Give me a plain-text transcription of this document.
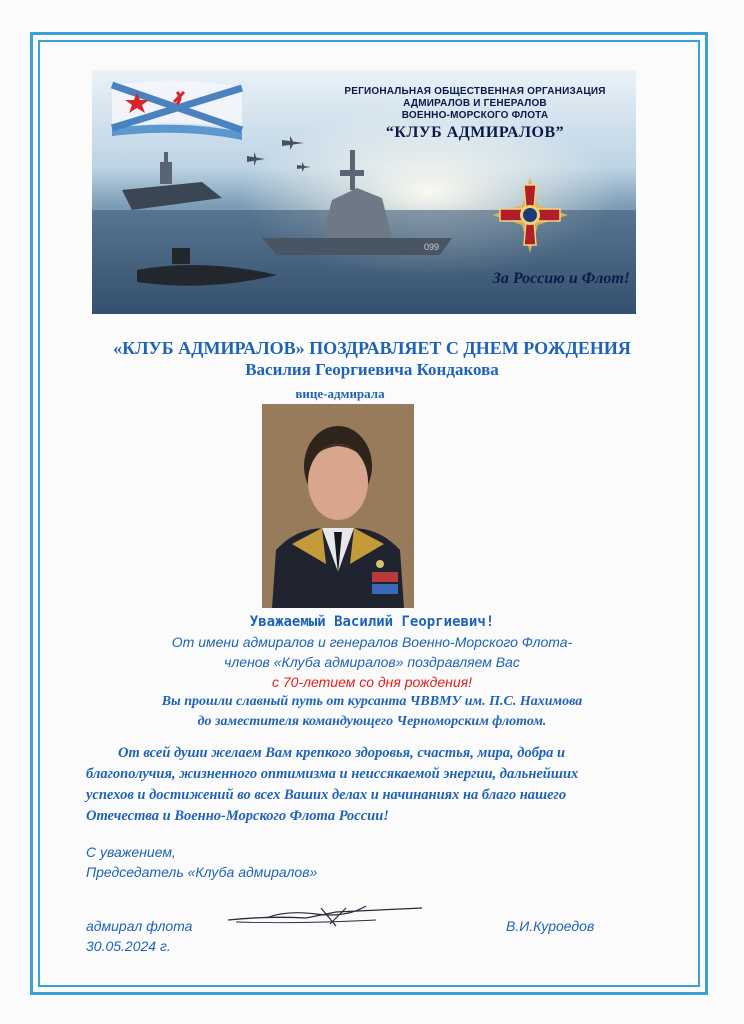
099
РЕГИОНАЛЬНАЯ ОБЩЕСТВЕННАЯ ОРГАНИЗАЦИЯ
АДМИРАЛОВ И ГЕНЕРАЛОВ
ВОЕННО-МОРСКОГО ФЛОТА
“КЛУБ АДМИРАЛОВ”
За Россию и Флот!
«КЛУБ АДМИРАЛОВ» ПОЗДРАВЛЯЕТ С ДНЕМ РОЖДЕНИЯ
Василия Георгиевича Кондакова
вице-адмирала
Уважаемый Василий Георгиевич!
От имени адмиралов и генералов Военно-Морского Флота-
членов «Клуба адмиралов» поздравляем Вас
с 70-летием со дня рождения!
Вы прошли славный путь от курсанта ЧВВМУ им. П.С. Нахимова
до заместителя командующего Черноморским флотом.

От всей души желаем Вам крепкого здоровья, счастья, мира, добра и

благополучия, жизненного оптимизма и неиссякаемой энергии, дальнейших

успехов и достижений во всех Ваших делах и начинаниях на благо нашего

Отечества и Военно-Морского Флота России!

С уважением,
Председатель «Клуба адмиралов»
адмирал флота
30.05.2024 г.
В.И.Куроедов
